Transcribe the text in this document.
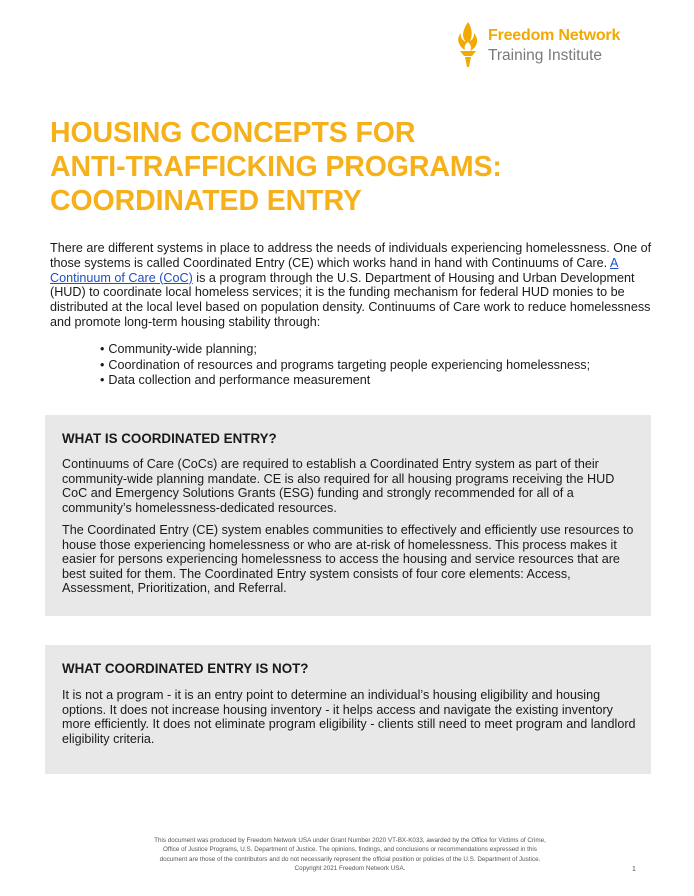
Freedom Network
Training Institute
HOUSING CONCEPTS FOR
ANTI-TRAFFICKING PROGRAMS:
COORDINATED ENTRY

There are different systems in place to address the needs of individuals experiencing homelessness. One of those systems is called Coordinated Entry (CE) which works hand in hand with Continuums of Care. A Continuum of Care (CoC) is a program through the U.S. Department of Housing and Urban Development (HUD) to coordinate local homeless services; it is the funding mechanism for federal HUD monies to be distributed at the local level based on population density. Continuums of Care work to reduce homelessness and promote long-term housing stability through:

• Community-wide planning;
• Coordination of resources and programs targeting people experiencing homelessness;
• Data collection and performance measurement
WHAT IS COORDINATED ENTRY?

Continuums of Care (CoCs) are required to establish a Coordinated Entry system as part of their community-wide planning mandate. CE is also required for all housing programs receiving the HUD CoC and Emergency Solutions Grants (ESG) funding and strongly recommended for all of a community’s homelessness-dedicated resources.

The Coordinated Entry (CE) system enables communities to effectively and efficiently use resources to house those experiencing homelessness or who are at-risk of homelessness. This process makes it easier for persons experiencing homelessness to access the housing and service resources that are best suited for them. The Coordinated Entry system consists of four core elements: Access, Assessment, Prioritization, and Referral.

WHAT COORDINATED ENTRY IS NOT?

It is not a program - it is an entry point to determine an individual’s housing eligibility and housing options. It does not increase housing inventory - it helps access and navigate the existing inventory more efficiently. It does not eliminate program eligibility - clients still need to meet program and landlord eligibility criteria.

This document was produced by Freedom Network USA under Grant Number 2020 VT-BX-K033, awarded by the Office for Victims of Crime,
Office of Justice Programs, U.S. Department of Justice. The opinions, findings, and conclusions or recommendations expressed in this
document are those of the contributors and do not necessarily represent the official position or policies of the U.S. Department of Justice.
Copyright 2021 Freedom Network USA.	1
